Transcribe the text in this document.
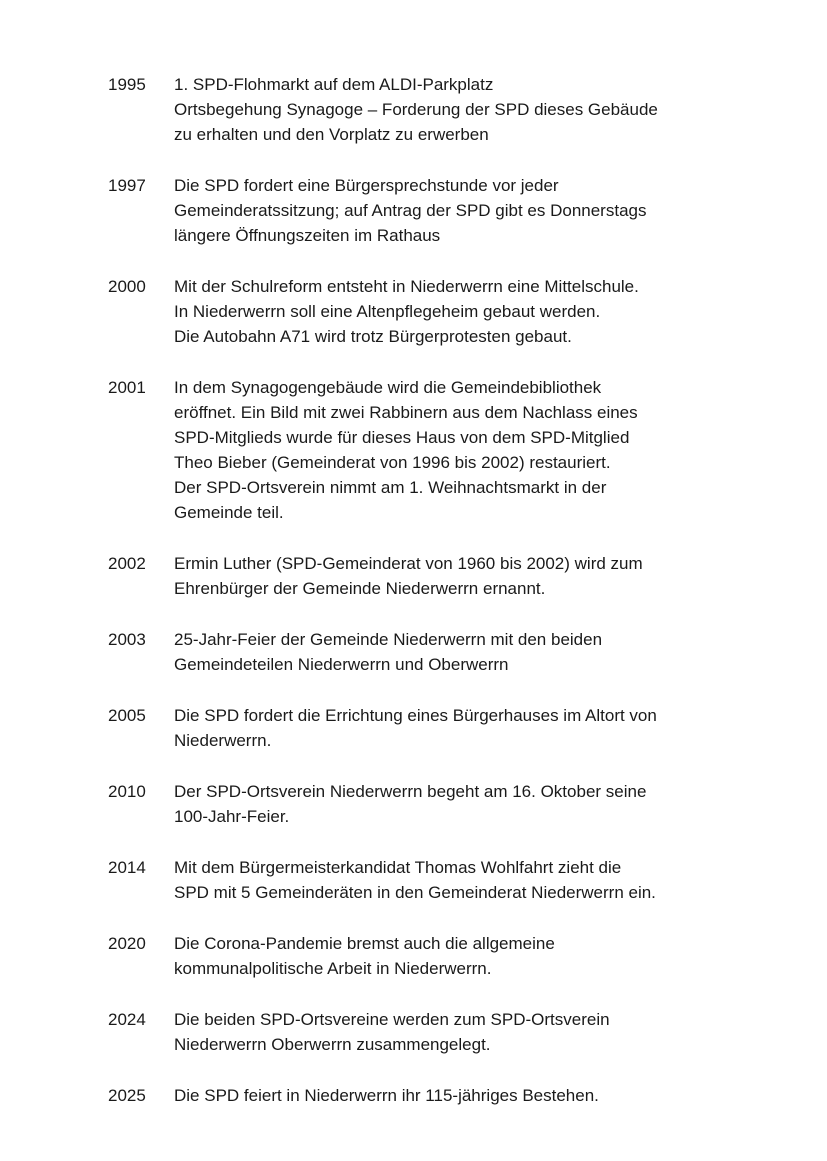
1995	1. SPD-Flohmarkt auf dem ALDI-Parkplatz
Ortsbegehung Synagoge – Forderung der SPD dieses Gebäude
zu erhalten und den Vorplatz zu erwerben
1997	Die SPD fordert eine Bürgersprechstunde vor jeder
Gemeinderatssitzung; auf Antrag der SPD gibt es Donnerstags
längere Öffnungszeiten im Rathaus
2000	Mit der Schulreform entsteht in Niederwerrn eine Mittelschule.
In Niederwerrn soll eine Altenpflegeheim gebaut werden.
Die Autobahn A71 wird trotz Bürgerprotesten gebaut.
2001	In dem Synagogengebäude wird die Gemeindebibliothek
eröffnet. Ein Bild mit zwei Rabbinern aus dem Nachlass eines
SPD-Mitglieds wurde für dieses Haus von dem SPD-Mitglied
Theo Bieber (Gemeinderat von 1996 bis 2002) restauriert.
Der SPD-Ortsverein nimmt am 1. Weihnachtsmarkt in der
Gemeinde teil.
2002	Ermin Luther (SPD-Gemeinderat von 1960 bis 2002) wird zum
Ehrenbürger der Gemeinde Niederwerrn ernannt.
2003	25-Jahr-Feier der Gemeinde Niederwerrn mit den beiden
Gemeindeteilen Niederwerrn und Oberwerrn
2005	Die SPD fordert die Errichtung eines Bürgerhauses im Altort von
Niederwerrn.
2010	Der SPD-Ortsverein Niederwerrn begeht am 16. Oktober seine
100-Jahr-Feier.
2014	Mit dem Bürgermeisterkandidat Thomas Wohlfahrt zieht die
SPD mit 5 Gemeinderäten in den Gemeinderat Niederwerrn ein.
2020	Die Corona-Pandemie bremst auch die allgemeine
kommunalpolitische Arbeit in Niederwerrn.
2024	Die beiden SPD-Ortsvereine werden zum SPD-Ortsverein
Niederwerrn Oberwerrn zusammengelegt.
2025	Die SPD feiert in Niederwerrn ihr 115-jähriges Bestehen.
